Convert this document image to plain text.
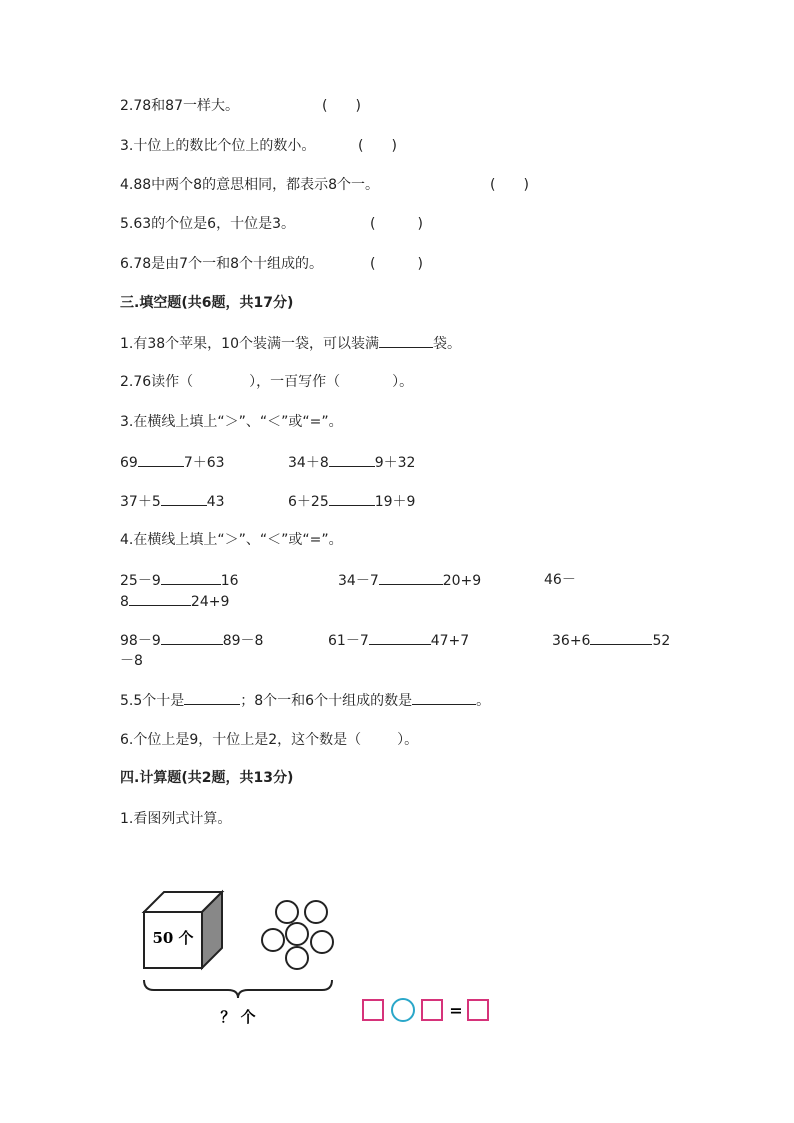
2.78和87一样大。	(　　)
3.十位上的数比个位上的数小。	(　　)
4.88中两个8的意思相同，都表示8个一。	(　　)
5.63的个位是6，十位是3。	(　　　)
6.78是由7个一和8个十组成的。	(　　　)
三.填空题(共6题，共17分)
1.有38个苹果，10个装满一袋，可以装满	袋。
2.76读作（	），一百写作（	）。
3.在横线上填上“＞”、“＜”或“=”。
69	7＋63	34＋8	9＋32
37＋5	43	6＋25	19＋9
4.在横线上填上“＞”、“＜”或“=”。
25－9	16	34－7	20+9	46－
8	24+9
98－9	89－8	61－7	47+7	36+6	52
－8
5.5个十是	；8个一和6个十组成的数是	。
6.个位上是9，十位上是2，这个数是（	）。
四.计算题(共2题，共13分)
1.看图列式计算。
50 个
？ 个	=
